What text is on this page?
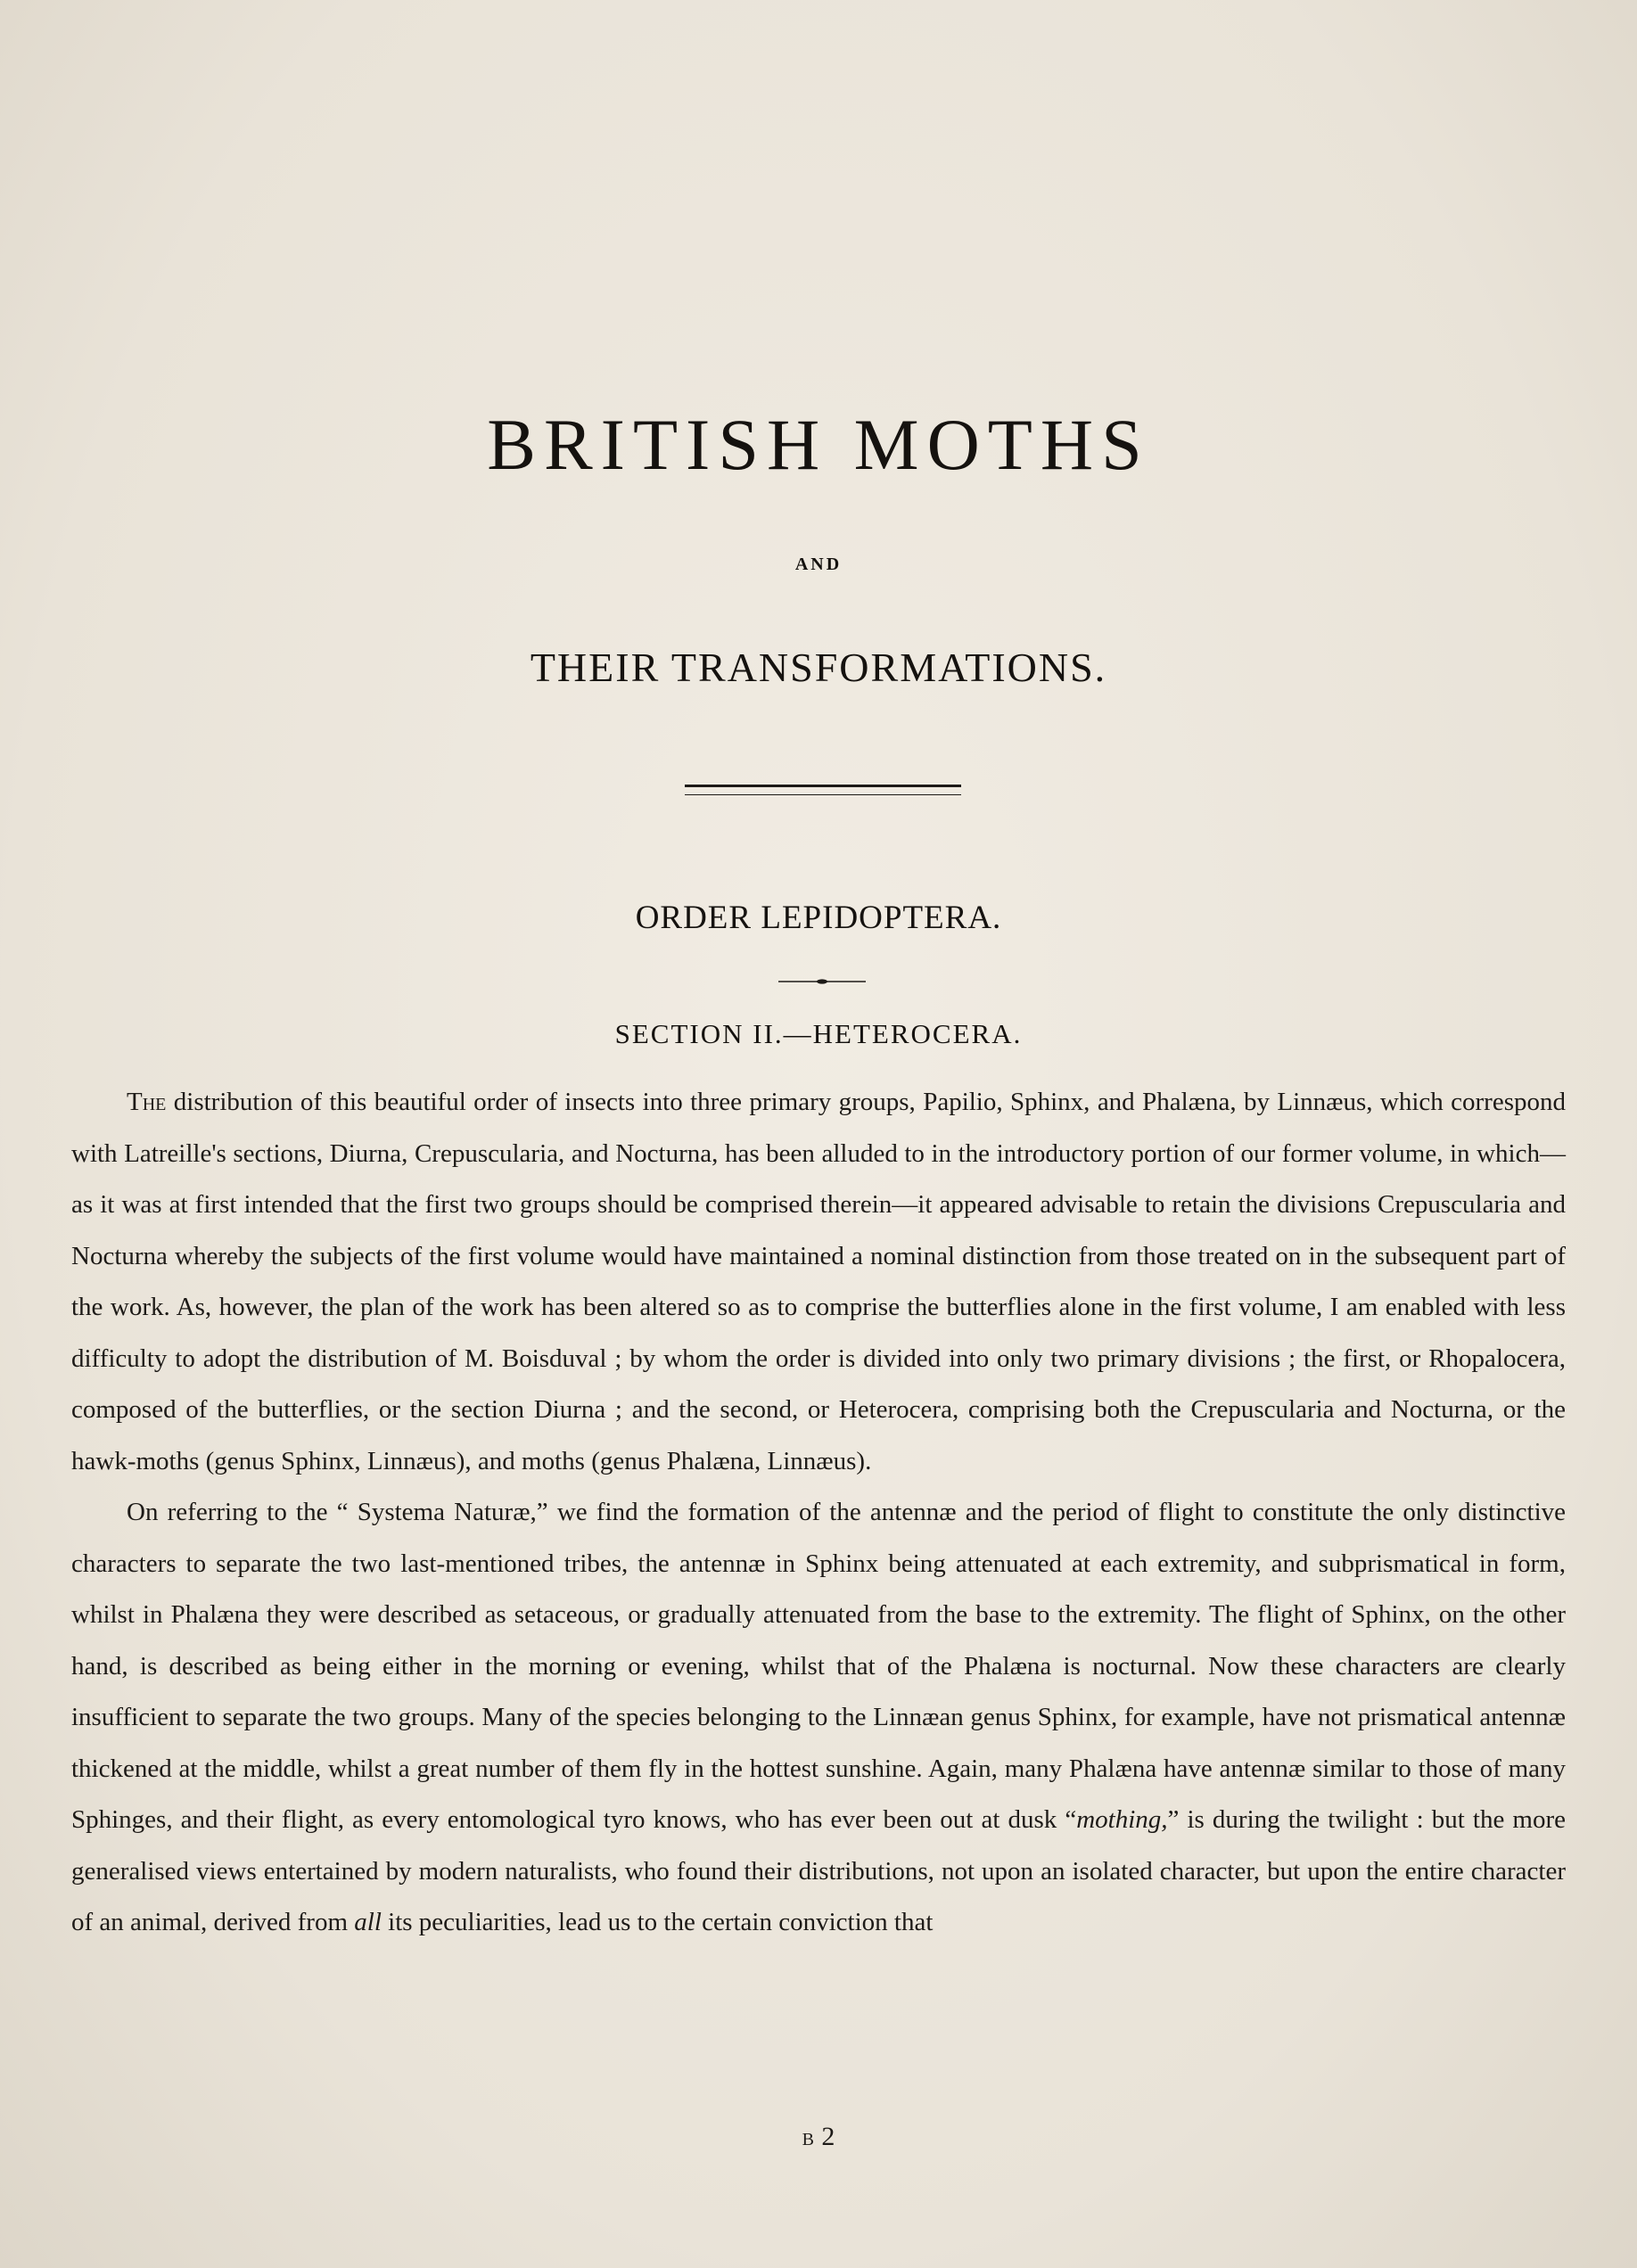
BRITISH MOTHS
AND
THEIR TRANSFORMATIONS.
ORDER LEPIDOPTERA.
SECTION II.—HETEROCERA.

The distribution of this beautiful order of insects into three primary groups, Papilio, Sphinx, and Phalæna, by Linnæus, which correspond with Latreille's sections, Diurna, Crepuscularia, and Nocturna, has been alluded to in the introductory portion of our former volume, in which—as it was at first intended that the first two groups should be comprised therein—it appeared advisable to retain the divisions Crepuscularia and Nocturna whereby the subjects of the first volume would have maintained a nominal distinction from those treated on in the subsequent part of the work. As, however, the plan of the work has been altered so as to comprise the butterflies alone in the first volume, I am enabled with less difficulty to adopt the distribution of M. Boisduval ; by whom the order is divided into only two primary divisions ; the first, or Rhopalocera, composed of the butterflies, or the section Diurna ; and the second, or Heterocera, comprising both the Crepuscularia and Nocturna, or the hawk-moths (genus Sphinx, Linnæus), and moths (genus Phalæna, Linnæus).

On referring to the “ Systema Naturæ,” we find the formation of the antennæ and the period of flight to constitute the only distinctive characters to separate the two last-mentioned tribes, the antennæ in Sphinx being attenuated at each extremity, and subprismatical in form, whilst in Phalæna they were described as setaceous, or gradually attenuated from the base to the extremity. The flight of Sphinx, on the other hand, is described as being either in the morning or evening, whilst that of the Phalæna is nocturnal. Now these characters are clearly insufficient to separate the two groups. Many of the species belonging to the Linnæan genus Sphinx, for example, have not prismatical antennæ thickened at the middle, whilst a great number of them fly in the hottest sunshine. Again, many Phalæna have antennæ similar to those of many Sphinges, and their flight, as every entomological tyro knows, who has ever been out at dusk “mothing,” is during the twilight : but the more generalised views entertained by modern naturalists, who found their distributions, not upon an isolated character, but upon the entire character of an animal, derived from all its peculiarities, lead us to the certain conviction that

B 2
